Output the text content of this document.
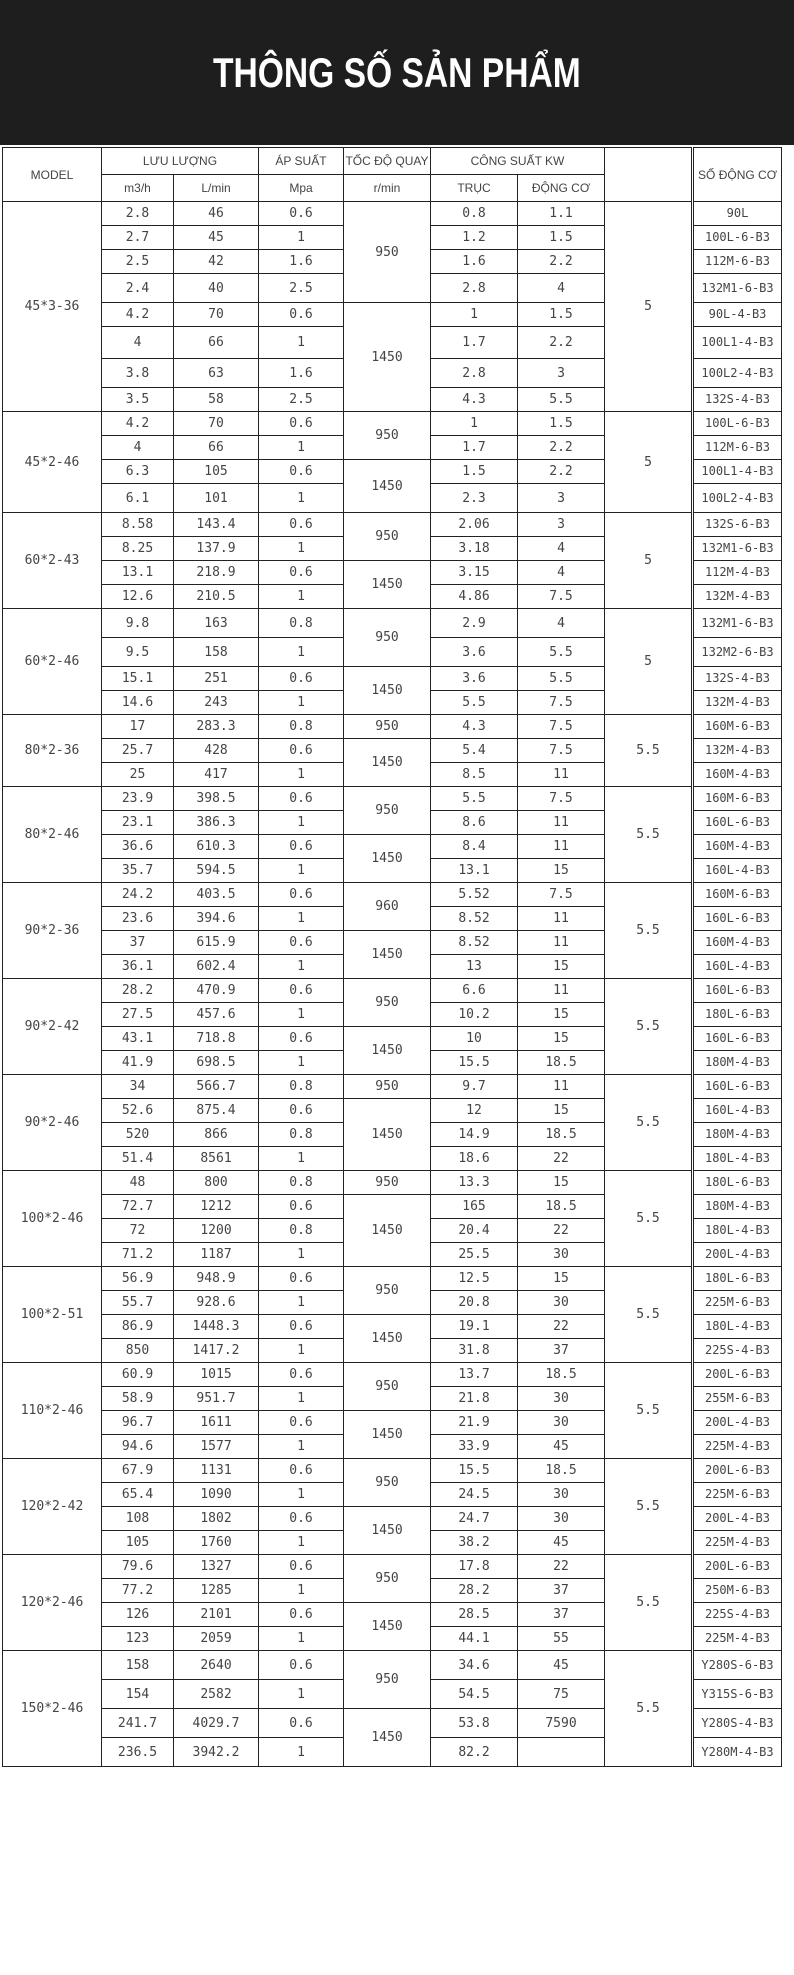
THÔNG SỐ SẢN PHẨM
MODEL	LƯU LƯỢNG		ÁP SUẤT	TỐC ĐỘ QUAY	CÔNG SUẤT KW				SỐ ĐỘNG CƠ
	m3/h	L/min	Mpa	r/min	TRỤC	ĐỘNG CƠ			
45*3-36	2.8	46	0.6	950	0.8	1.1	5		90L
	2.7	45	1		1.2	1.5			100L-6-B3
	2.5	42	1.6		1.6	2.2			112M-6-B3
	2.4	40	2.5		2.8	4			132M1-6-B3
	4.2	70	0.6	1450	1	1.5			90L-4-B3
	4	66	1		1.7	2.2			100L1-4-B3
	3.8	63	1.6		2.8	3			100L2-4-B3
	3.5	58	2.5		4.3	5.5			132S-4-B3
45*2-46	4.2	70	0.6	950	1	1.5	5		100L-6-B3
	4	66	1		1.7	2.2			112M-6-B3
	6.3	105	0.6	1450	1.5	2.2			100L1-4-B3
	6.1	101	1		2.3	3			100L2-4-B3
60*2-43	8.58	143.4	0.6	950	2.06	3	5		132S-6-B3
	8.25	137.9	1		3.18	4			132M1-6-B3
	13.1	218.9	0.6	1450	3.15	4			112M-4-B3
	12.6	210.5	1		4.86	7.5			132M-4-B3
60*2-46	9.8	163	0.8	950	2.9	4	5		132M1-6-B3
	9.5	158	1		3.6	5.5			132M2-6-B3
	15.1	251	0.6	1450	3.6	5.5			132S-4-B3
	14.6	243	1		5.5	7.5			132M-4-B3
80*2-36	17	283.3	0.8	950	4.3	7.5	5.5		160M-6-B3
	25.7	428	0.6	1450	5.4	7.5			132M-4-B3
	25	417	1		8.5	11			160M-4-B3
80*2-46	23.9	398.5	0.6	950	5.5	7.5	5.5		160M-6-B3
	23.1	386.3	1		8.6	11			160L-6-B3
	36.6	610.3	0.6	1450	8.4	11			160M-4-B3
	35.7	594.5	1		13.1	15			160L-4-B3
90*2-36	24.2	403.5	0.6	960	5.52	7.5	5.5		160M-6-B3
	23.6	394.6	1		8.52	11			160L-6-B3
	37	615.9	0.6	1450	8.52	11			160M-4-B3
	36.1	602.4	1		13	15			160L-4-B3
90*2-42	28.2	470.9	0.6	950	6.6	11	5.5		160L-6-B3
	27.5	457.6	1		10.2	15			180L-6-B3
	43.1	718.8	0.6	1450	10	15			160L-6-B3
	41.9	698.5	1		15.5	18.5			180M-4-B3
90*2-46	34	566.7	0.8	950	9.7	11	5.5		160L-6-B3
	52.6	875.4	0.6	1450	12	15			160L-4-B3
	520	866	0.8		14.9	18.5			180M-4-B3
	51.4	8561	1		18.6	22			180L-4-B3
100*2-46	48	800	0.8	950	13.3	15	5.5		180L-6-B3
	72.7	1212	0.6	1450	165	18.5			180M-4-B3
	72	1200	0.8		20.4	22			180L-4-B3
	71.2	1187	1		25.5	30			200L-4-B3
100*2-51	56.9	948.9	0.6	950	12.5	15	5.5		180L-6-B3
	55.7	928.6	1		20.8	30			225M-6-B3
	86.9	1448.3	0.6	1450	19.1	22			180L-4-B3
	850	1417.2	1		31.8	37			225S-4-B3
110*2-46	60.9	1015	0.6	950	13.7	18.5	5.5		200L-6-B3
	58.9	951.7	1		21.8	30			255M-6-B3
	96.7	1611	0.6	1450	21.9	30			200L-4-B3
	94.6	1577	1		33.9	45			225M-4-B3
120*2-42	67.9	1131	0.6	950	15.5	18.5	5.5		200L-6-B3
	65.4	1090	1		24.5	30			225M-6-B3
	108	1802	0.6	1450	24.7	30			200L-4-B3
	105	1760	1		38.2	45			225M-4-B3
120*2-46	79.6	1327	0.6	950	17.8	22	5.5		200L-6-B3
	77.2	1285	1		28.2	37			250M-6-B3
	126	2101	0.6	1450	28.5	37			225S-4-B3
	123	2059	1		44.1	55			225M-4-B3
150*2-46	158	2640	0.6	950	34.6	45	5.5		Y280S-6-B3
	154	2582	1		54.5	75			Y315S-6-B3
	241.7	4029.7	0.6	1450	53.8	7590			Y280S-4-B3
	236.5	3942.2	1		82.2				Y280M-4-B3
